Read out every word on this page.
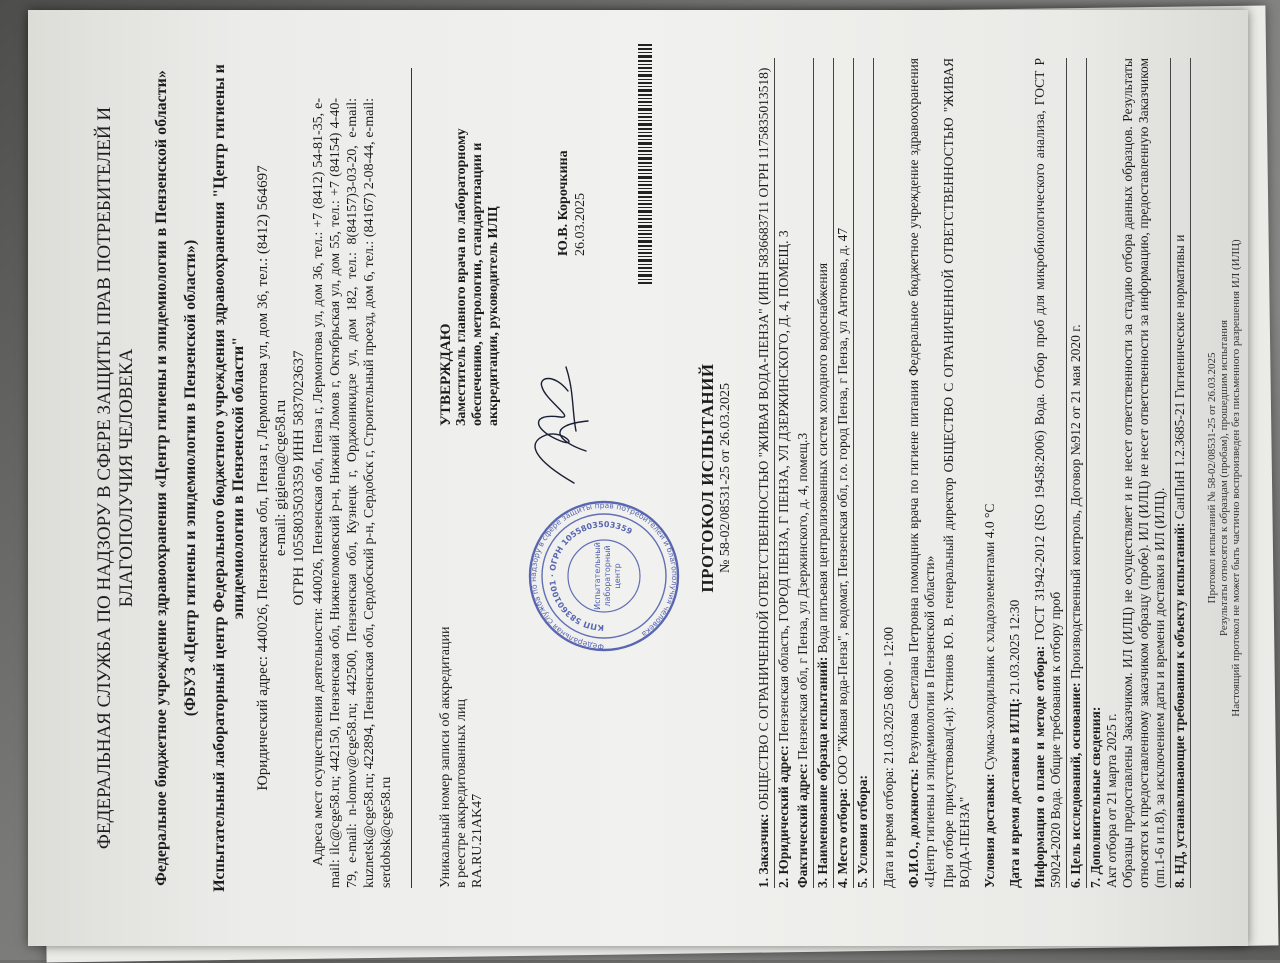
ФЕДЕРАЛЬНАЯ СЛУЖБА ПО НАДЗОРУ В СФЕРЕ ЗАЩИТЫ ПРАВ ПОТРЕБИТЕЛЕЙ И БЛАГОПОЛУЧИЯ ЧЕЛОВЕКА Федеральное бюджетное учреждение здравоохранения «Центр гигиены и эпидемиологии в Пензенской области» (ФБУЗ «Центр гигиены и эпидемиологии в Пензенской области») Испытательный лабораторный центр Федерального бюджетного учреждения здравоохранения "Центр гигиены и эпидемиологии в Пензенской области" Юридический адрес: 440026, Пензенская обл, Пенза г, Лермонтова ул, дом 36, тел.: (8412) 564697 e-mail: gigiena@cge58.ru ОГРН 1055803503359 ИНН 5837023637 Адреса мест осуществления деятельности: 440026, Пензенская обл, Пенза г, Лермонтова ул, дом 36, тел.: +7 (8412) 54-81-35, e-mail: ilc@cge58.ru; 442150, Пензенская обл, Нижнеломовский р-н, Нижний Ломов г, Октябрьская ул, дом 55, тел.: +7 (84154) 4-40-79, e-mail: n-lomov@cge58.ru; 442500, Пензенская обл, Кузнецк г, Орджоникидзе ул, дом 182, тел.: 8(84157)3-03-20, e-mail: kuznetsk@cge58.ru; 422894, Пензенская обл, Сердобский р-н, Сердобск г, Строительный проезд, дом 6, тел.: (84167) 2-08-44, e-mail: serdobsk@cge58.ru	Уникальный номер записи об аккредитации в реестре аккредитованных лиц RA.RU.21AK47
УТВЕРЖДАЮ Заместитель главного врача по лабораторному обеспечению, метрологии, стандартизации и аккредитации, руководитель ИЛЦ
Ю.В. Корочкина 26.03.2025
Федеральная служба по надзору в сфере защиты прав потребителей и благополучия человека
КПП 583601001 · ОГРН 1055803503359
Испытательный лабораторный центр	ПРОТОКОЛ ИСПЫТАНИЙ № 58-02/08531-25 от 26.03.2025
1. Заказчик: ОБЩЕСТВО С ОГРАНИЧЕННОЙ ОТВЕТСТВЕННОСТЬЮ "ЖИВАЯ ВОДА-ПЕНЗА" (ИНН 5836683711 ОГРН 1175835013518)
2. Юридический адрес: Пензенская область, ГОРОД ПЕНЗА, Г ПЕНЗА, УЛ ДЗЕРЖИНСКОГО, Д. 4, ПОМЕЩ. 3
Фактический адрес: Пензенская обл, г Пенза, ул Дзержинского, д. 4, помещ.3
3. Наименование образца испытаний: Вода питьевая централизованных систем холодного водоснабжения
4. Место отбора: ООО "Живая вода-Пенза", водомат, Пензенская обл, г.о. город Пенза, г Пенза, ул Антонова, д. 47
5. Условия отбора: Дата и время отбора: 21.03.2025 08:00 - 12:00
Ф.И.О., должность: Резунова Светлана Петровна помощник врача по гигиене питания Федеральное бюджетное учреждение здравоохранения «Центр гигиены и эпидемиологии в Пензенской области» При отборе присутствовал(-и): Устинов Ю. В. генеральный директор ОБЩЕСТВО С ОГРАНИЧЕННОЙ ОТВЕТСТВЕННОСТЬЮ "ЖИВАЯ ВОДА-ПЕНЗА" Условия доставки: Сумка-холодильник с хладоэлементами 4.0 °C
Дата и время доставки в ИЛЦ: 21.03.2025 12:30 Информация о плане и методе отбора: ГОСТ 31942-2012 (ISO 19458:2006) Вода. Отбор проб для микробиологического анализа, ГОСТ Р 59024-2020 Вода. Общие требования к отбору проб 6. Цель исследований, основание: Производственный контроль, Договор №912 от 21 мая 2020 г.
7. Дополнительные сведения: Акт отбора от 21 марта 2025 г. Образцы предоставлены Заказчиком. ИЛ (ИЛЦ) не осуществляет и не несет ответственности за стадию отбора данных образцов. Результаты относятся к предоставленному заказчиком образцу (пробе). ИЛ (ИЛЦ) не несет ответственности за информацию, предоставленную Заказчиком (пп.1-6 и п.8), за исключением даты и времени доставки в ИЛ (ИЛЦ). 8. НД, устанавливающие требования к объекту испытаний: СанПиН 1.2.3685-21 Гигиенические нормативы и	Протокол испытаний № 58-02/08531-25 от 26.03.2025 Результаты относятся к образцам (пробам), прошедшим испытания Настоящий протокол не может быть частично воспроизведен без письменного разрешения ИЛ (ИЛЦ)
